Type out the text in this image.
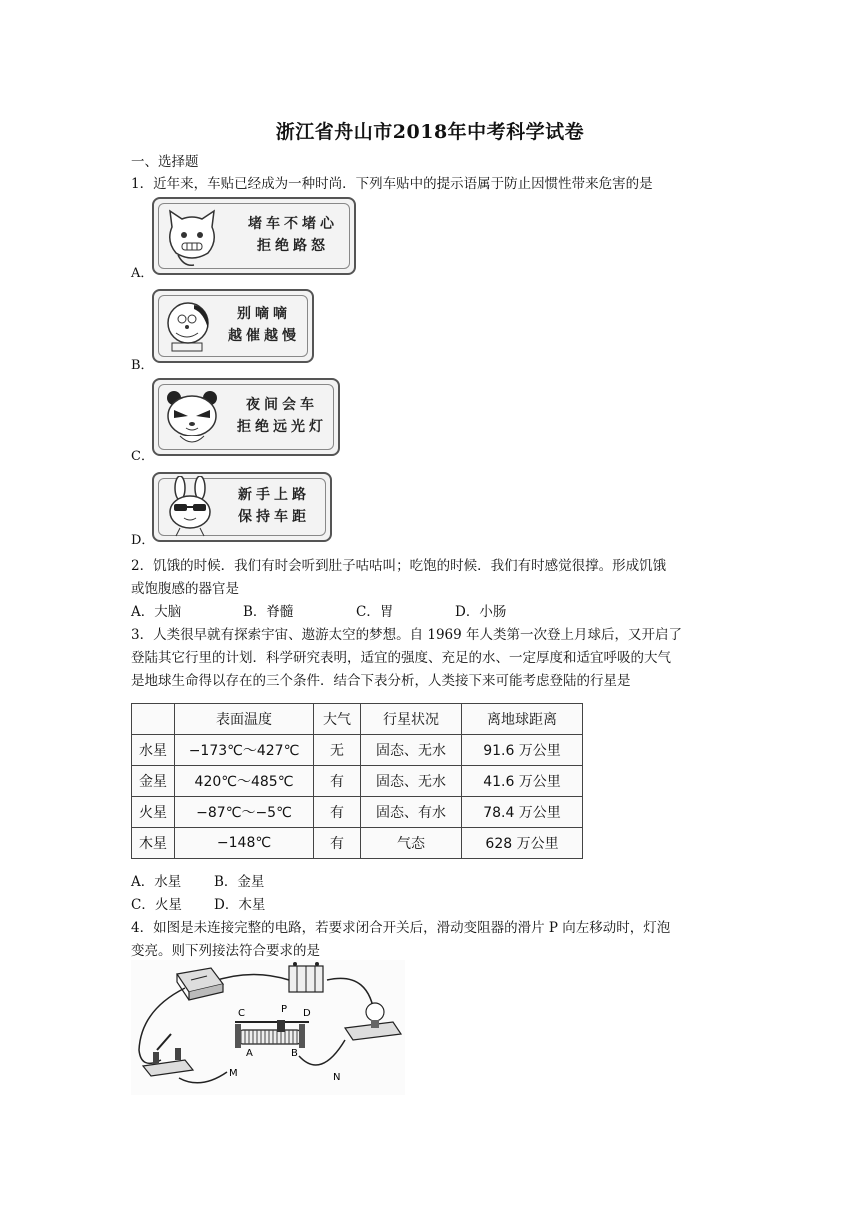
浙江省舟山市2018年中考科学试卷
一、选择题
1．近年来，车贴已经成为一种时尚．下列车贴中的提示语属于防止因惯性带来危害的是
堵车不堵心
拒绝路怒
A．
别嘀嘀
越催越慢
B．
夜间会车
拒绝远光灯
C．
新手上路
保持车距
D．
2．饥饿的时候．我们有时会听到肚子咕咕叫；吃饱的时候．我们有时感觉很撑。形成饥饿
或饱腹感的器官是
A．大脑	B．脊髓	C．胃	D．小肠
3．人类很早就有探索宇宙、遨游太空的梦想。自 1969 年人类第一次登上月球后，又开启了
登陆其它行里的计划．科学研究表明，适宜的强度、充足的水、一定厚度和适宜呼吸的大气
是地球生命得以存在的三个条件．结合下表分析，人类接下来可能考虑登陆的行星是
	表面温度	大气	行星状况	离地球距离
水星	−173℃～427℃	无	固态、无水	91.6 万公里
金星	420℃～485℃	有	固态、无水	41.6 万公里
火星	−87℃～−5℃	有	固态、有水	78.4 万公里
木星	−148℃	有	气态	628 万公里
A．水星 B．金星
C．火星 D．木星
4．如图是未连接完整的电路，若要求闭合开关后，滑动变阻器的滑片 P 向左移动时，灯泡
变亮。则下列接法符合要求的是
C	P D
A	B
M	N
